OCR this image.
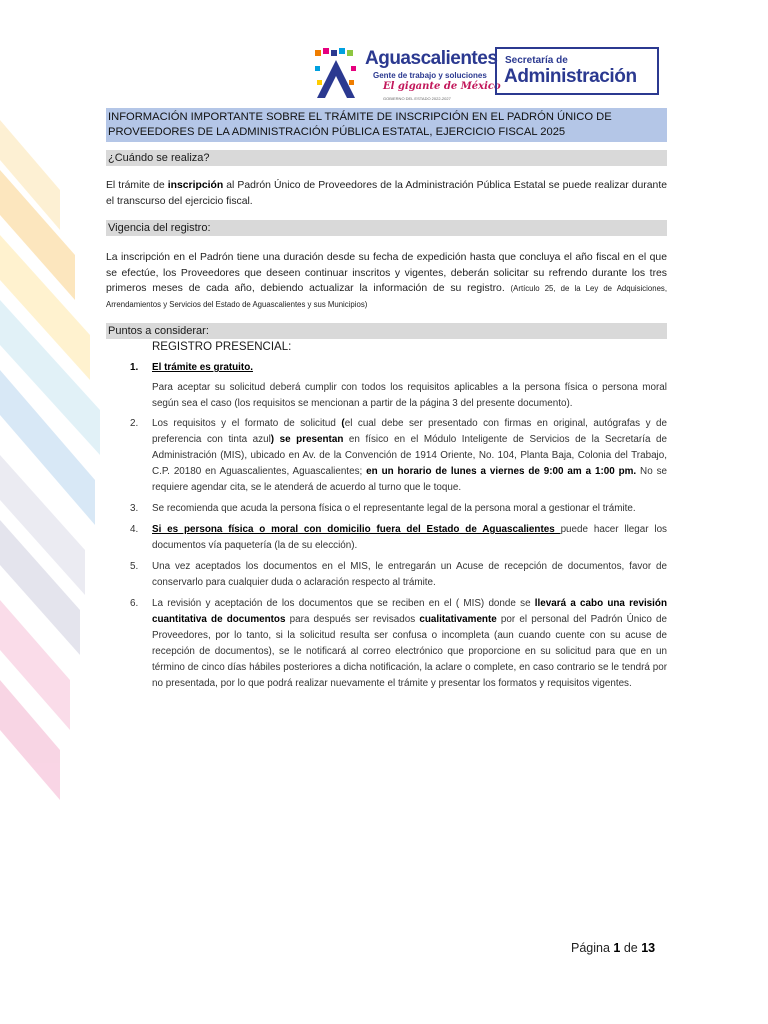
Aguascalientes
Gente de trabajo y soluciones
El gigante de México
GOBIERNO DEL ESTADO 2022-2027
Secretaría de
Administración
INFORMACIÓN IMPORTANTE SOBRE EL TRÁMITE DE INSCRIPCIÓN EN EL PADRÓN ÚNICO DE PROVEEDORES DE LA ADMINISTRACIÓN PÚBLICA ESTATAL, EJERCICIO FISCAL 2025
¿Cuándo se realiza?
El trámite de inscripción al Padrón Único de Proveedores de la Administración Pública Estatal se puede realizar durante el transcurso del ejercicio fiscal.
Vigencia del registro:
La inscripción en el Padrón tiene una duración desde su fecha de expedición hasta que concluya el año fiscal en el que se efectúe, los Proveedores que deseen continuar inscritos y vigentes, deberán solicitar su refrendo durante los tres primeros meses de cada año, debiendo actualizar la información de su registro. (Artículo 25, de la Ley de Adquisiciones, Arrendamientos y Servicios del Estado de Aguascalientes y sus Municipios)
Puntos a considerar:
REGISTRO PRESENCIAL:
1. El trámite es gratuito.
Para aceptar su solicitud deberá cumplir con todos los requisitos aplicables a la persona física o persona moral según sea el caso (los requisitos se mencionan a partir de la página 3 del presente documento).
2. Los requisitos y el formato de solicitud (el cual debe ser presentado con firmas en original, autógrafas y de preferencia con tinta azul) se presentan en físico en el Módulo Inteligente de Servicios de la Secretaría de Administración (MIS), ubicado en Av. de la Convención de 1914 Oriente, No. 104, Planta Baja, Colonia del Trabajo, C.P. 20180 en Aguascalientes, Aguascalientes; en un horario de lunes a viernes de 9:00 am a 1:00 pm. No se requiere agendar cita, se le atenderá de acuerdo al turno que le toque.
3. Se recomienda que acuda la persona física o el representante legal de la persona moral a gestionar el trámite.
4. Si es persona física o moral con domicilio fuera del Estado de Aguascalientes puede hacer llegar los documentos vía paquetería (la de su elección).
5. Una vez aceptados los documentos en el MIS, le entregarán un Acuse de recepción de documentos, favor de conservarlo para cualquier duda o aclaración respecto al trámite.
6. La revisión y aceptación de los documentos que se reciben en el ( MIS) donde se llevará a cabo una revisión cuantitativa de documentos para después ser revisados cualitativamente por el personal del Padrón Único de Proveedores, por lo tanto, si la solicitud resulta ser confusa o incompleta (aun cuando cuente con su acuse de recepción de documentos), se le notificará al correo electrónico que proporcione en su solicitud para que en un término de cinco días hábiles posteriores a dicha notificación, la aclare o complete, en caso contrario se le tendrá por no presentada, por lo que podrá realizar nuevamente el trámite y presentar los formatos y requisitos vigentes.
Página 1 de 13
